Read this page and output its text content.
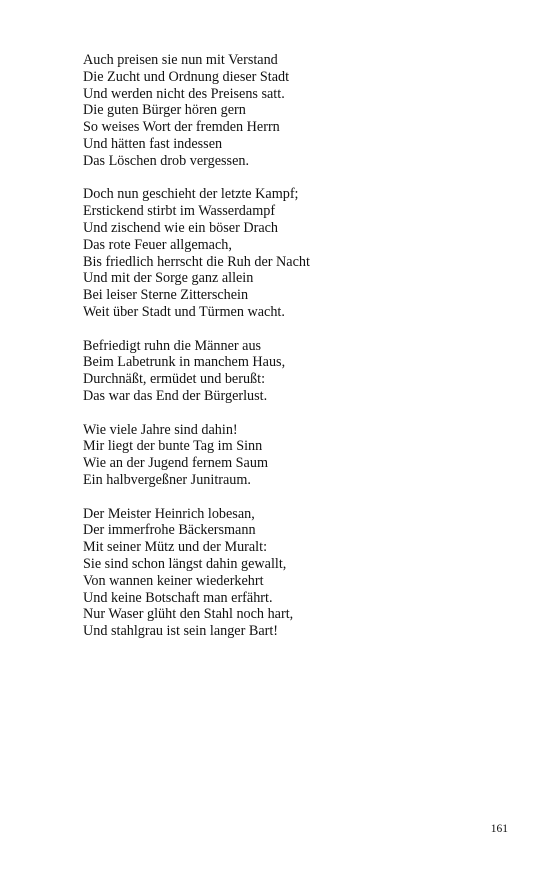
Auch preisen sie nun mit Verstand
Die Zucht und Ordnung dieser Stadt
Und werden nicht des Preisens satt.
Die guten Bürger hören gern
So weises Wort der fremden Herrn
Und hätten fast indessen
Das Löschen drob vergessen.
Doch nun geschieht der letzte Kampf;
Erstickend stirbt im Wasserdampf
Und zischend wie ein böser Drach
Das rote Feuer allgemach,
Bis friedlich herrscht die Ruh der Nacht
Und mit der Sorge ganz allein
Bei leiser Sterne Zitterschein
Weit über Stadt und Türmen wacht.
Befriedigt ruhn die Männer aus
Beim Labetrunk in manchem Haus,
Durchnäßt, ermüdet und berußt:
Das war das End der Bürgerlust.
Wie viele Jahre sind dahin!
Mir liegt der bunte Tag im Sinn
Wie an der Jugend fernem Saum
Ein halbvergeßner Junitraum.
Der Meister Heinrich lobesan,
Der immerfrohe Bäckersmann
Mit seiner Mütz und der Muralt:
Sie sind schon längst dahin gewallt,
Von wannen keiner wiederkehrt
Und keine Botschaft man erfährt.
Nur Waser glüht den Stahl noch hart,
Und stahlgrau ist sein langer Bart!
161
